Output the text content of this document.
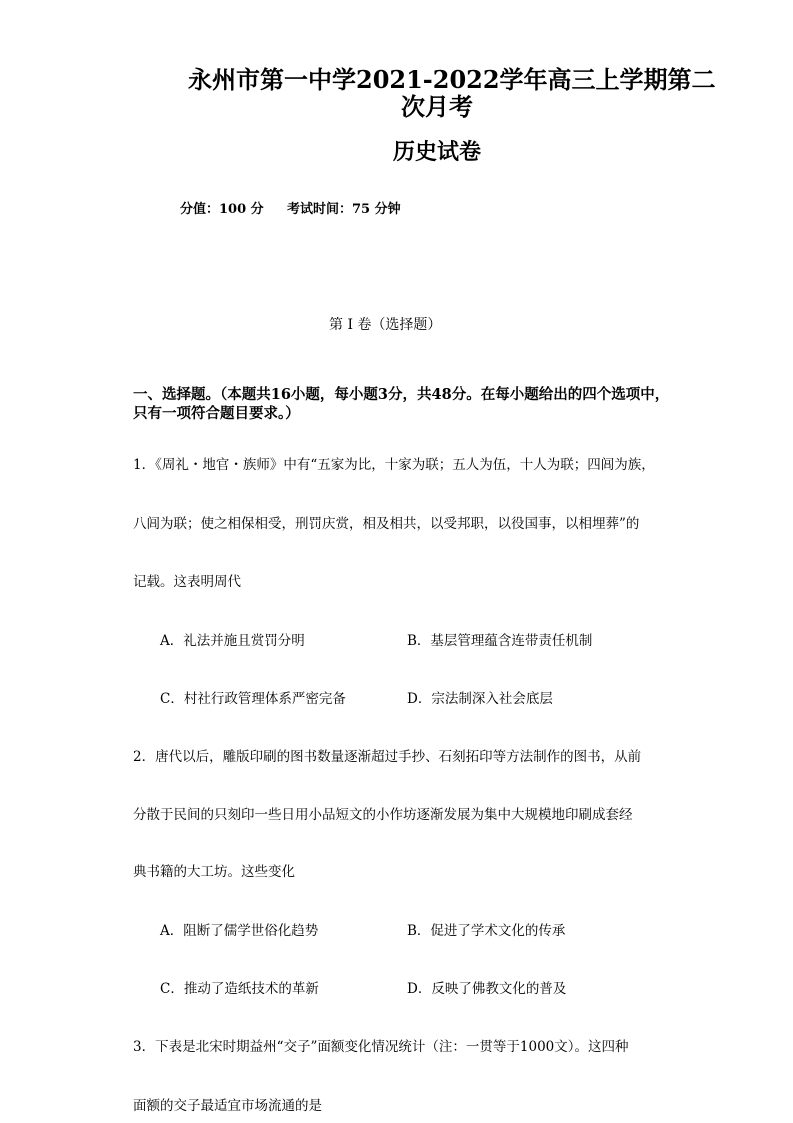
永州市第一中学2021-2022学年高三上学期第二
次月考
历史试卷
分值：100 分 考试时间：75 分钟
第 I 卷（选择题）
一、选择题。（本题共16小题，每小题3分，共48分。在每小题给出的四个选项中，
只有一项符合题目要求。）
1．《周礼・地官・族师》中有“五家为比，十家为联；五人为伍，十人为联；四闾为族，
八闾为联；使之相保相受，刑罚庆赏，相及相共，以受邦职，以役国事，以相埋葬”的
记载。这表明周代
A．礼法并施且赏罚分明	B．基层管理蕴含连带责任机制
C．村社行政管理体系严密完备	D．宗法制深入社会底层
2．唐代以后，雕版印刷的图书数量逐渐超过手抄、石刻拓印等方法制作的图书，从前
分散于民间的只刻印一些日用小品短文的小作坊逐渐发展为集中大规模地印刷成套经
典书籍的大工坊。这些变化
A．阻断了儒学世俗化趋势	B．促进了学术文化的传承
C．推动了造纸技术的革新	D．反映了佛教文化的普及
3．下表是北宋时期益州“交子”面额变化情况统计（注：一贯等于1000文）。这四种
面额的交子最适宜市场流通的是
